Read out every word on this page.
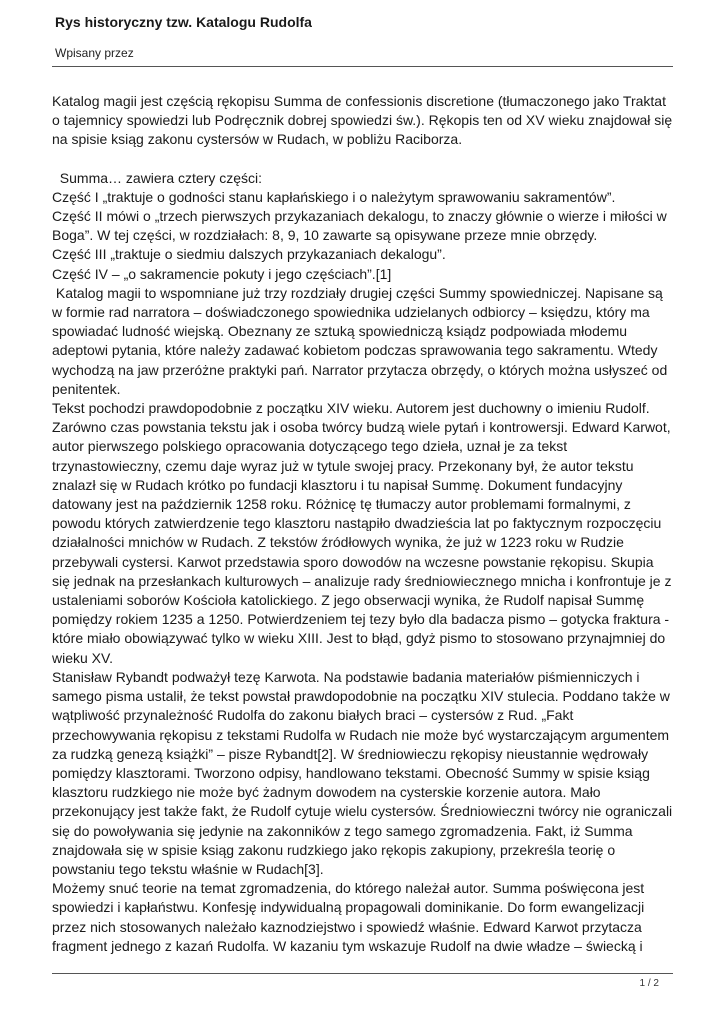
Rys historyczny tzw. Katalogu Rudolfa
Wpisany przez

Katalog magii jest częścią rękopisu Summa de confessionis discretione (tłumaczonego jako Traktat o tajemnicy spowiedzi lub Podręcznik dobrej spowiedzi św.). Rękopis ten od XV wieku znajdował się na spisie ksiąg zakonu cystersów w Rudach, w pobliżu Raciborza.

Summa… zawiera cztery części:

Część I „traktuje o godności stanu kapłańskiego i o należytym sprawowaniu sakramentów”.

Część II mówi o „trzech pierwszych przykazaniach dekalogu, to znaczy głównie o wierze i miłości w Boga”. W tej części, w rozdziałach: 8, 9, 10 zawarte są opisywane przeze mnie obrzędy.

Część III „traktuje o siedmiu dalszych przykazaniach dekalogu”.

Część IV – „o sakramencie pokuty i jego częściach”.[1]

Katalog magii to wspomniane już trzy rozdziały drugiej części Summy spowiedniczej. Napisane są w formie rad narratora – doświadczonego spowiednika udzielanych odbiorcy – księdzu, który ma spowiadać ludność wiejską. Obeznany ze sztuką spowiedniczą ksiądz podpowiada młodemu adeptowi pytania, które należy zadawać kobietom podczas sprawowania tego sakramentu. Wtedy wychodzą na jaw przeróżne praktyki pań. Narrator przytacza obrzędy, o których można usłyszeć od penitentek.

Tekst pochodzi prawdopodobnie z początku XIV wieku. Autorem jest duchowny o imieniu Rudolf. Zarówno czas powstania tekstu jak i osoba twórcy budzą wiele pytań i kontrowersji. Edward Karwot, autor pierwszego polskiego opracowania dotyczącego tego dzieła, uznał je za tekst trzynastowieczny, czemu daje wyraz już w tytule swojej pracy. Przekonany był, że autor tekstu znalazł się w Rudach krótko po fundacji klasztoru i tu napisał Summę. Dokument fundacyjny datowany jest na październik 1258 roku. Różnicę tę tłumaczy autor problemami formalnymi, z powodu których zatwierdzenie tego klasztoru nastąpiło dwadzieścia lat po faktycznym rozpoczęciu działalności mnichów w Rudach. Z tekstów źródłowych wynika, że już w 1223 roku w Rudzie przebywali cystersi. Karwot przedstawia sporo dowodów na wczesne powstanie rękopisu. Skupia się jednak na przesłankach kulturowych – analizuje rady średniowiecznego mnicha i konfrontuje je z ustaleniami soborów Kościoła katolickiego. Z jego obserwacji wynika, że Rudolf napisał Summę pomiędzy rokiem 1235 a 1250. Potwierdzeniem tej tezy było dla badacza pismo – gotycka fraktura - które miało obowiązywać tylko w wieku XIII. Jest to błąd, gdyż pismo to stosowano przynajmniej do wieku XV.

Stanisław Rybandt podważył tezę Karwota. Na podstawie badania materiałów piśmienniczych i samego pisma ustalił, że tekst powstał prawdopodobnie na początku XIV stulecia. Poddano także w wątpliwość przynależność Rudolfa do zakonu białych braci – cystersów z Rud. „Fakt przechowywania rękopisu z tekstami Rudolfa w Rudach nie może być wystarczającym argumentem za rudzką genezą książki” – pisze Rybandt[2]. W średniowieczu rękopisy nieustannie wędrowały pomiędzy klasztorami. Tworzono odpisy, handlowano tekstami. Obecność Summy w spisie ksiąg klasztoru rudzkiego nie może być żadnym dowodem na cysterskie korzenie autora. Mało przekonujący jest także fakt, że Rudolf cytuje wielu cystersów. Średniowieczni twórcy nie ograniczali się do powoływania się jedynie na zakonników z tego samego zgromadzenia. Fakt, iż Summa znajdowała się w spisie ksiąg zakonu rudzkiego jako rękopis zakupiony, przekreśla teorię o powstaniu tego tekstu właśnie w Rudach[3].

Możemy snuć teorie na temat zgromadzenia, do którego należał autor. Summa poświęcona jest spowiedzi i kapłaństwu. Konfesję indywidualną propagowali dominikanie. Do form ewangelizacji przez nich stosowanych należało kaznodziejstwo i spowiedź właśnie. Edward Karwot przytacza fragment jednego z kazań Rudolfa. W kazaniu tym wskazuje Rudolf na dwie władze – świecką i

1 / 2
